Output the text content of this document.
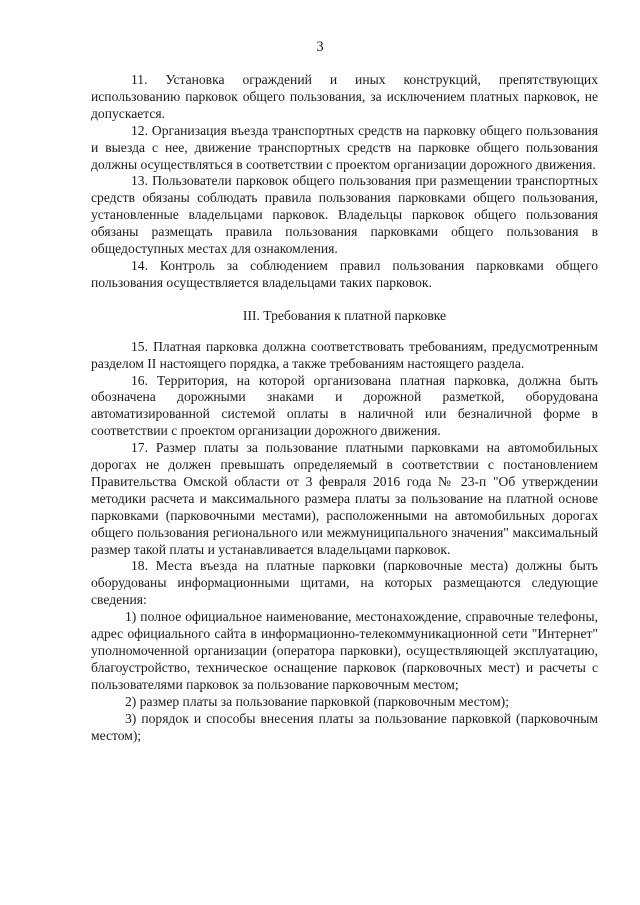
3

11. Установка ограждений и иных конструкций, препятствующих использованию парковок общего пользования, за исключением платных парковок, не допускается.

12. Организация въезда транспортных средств на парковку общего пользования и выезда с нее, движение транспортных средств на парковке общего пользования должны осуществляться в соответствии с проектом организации дорожного движения.

13. Пользователи парковок общего пользования при размещении транспортных средств обязаны соблюдать правила пользования парковками общего пользования, установленные владельцами парковок. Владельцы парковок общего пользования обязаны размещать правила пользования парковками общего пользования в общедоступных местах для ознакомления.

14. Контроль за соблюдением правил пользования парковками общего пользования осуществляется владельцами таких парковок.

III. Требования к платной парковке

15. Платная парковка должна соответствовать требованиям, предусмотренным разделом II настоящего порядка, а также требованиям настоящего раздела.

16. Территория, на которой организована платная парковка, должна быть обозначена дорожными знаками и дорожной разметкой, оборудована автоматизированной системой оплаты в наличной или безналичной форме в соответствии с проектом организации дорожного движения.

17. Размер платы за пользование платными парковками на автомобильных дорогах не должен превышать определяемый в соответствии с постановлением Правительства Омской области от 3 февраля 2016 года № 23-п "Об утверждении методики расчета и максимального размера платы за пользование на платной основе парковками (парковочными местами), расположенными на автомобильных дорогах общего пользования регионального или межмуниципального значения" максимальный размер такой платы и устанавливается владельцами парковок.

18. Места въезда на платные парковки (парковочные места) должны быть оборудованы информационными щитами, на которых размещаются следующие сведения:

1) полное официальное наименование, местонахождение, справочные телефоны, адрес официального сайта в информационно-телекоммуникационной сети "Интернет" уполномоченной организации (оператора парковки), осуществляющей эксплуатацию, благоустройство, техническое оснащение парковок (парковочных мест) и расчеты с пользователями парковок за пользование парковочным местом;

2) размер платы за пользование парковкой (парковочным местом);

3) порядок и способы внесения платы за пользование парковкой (парковочным местом);
